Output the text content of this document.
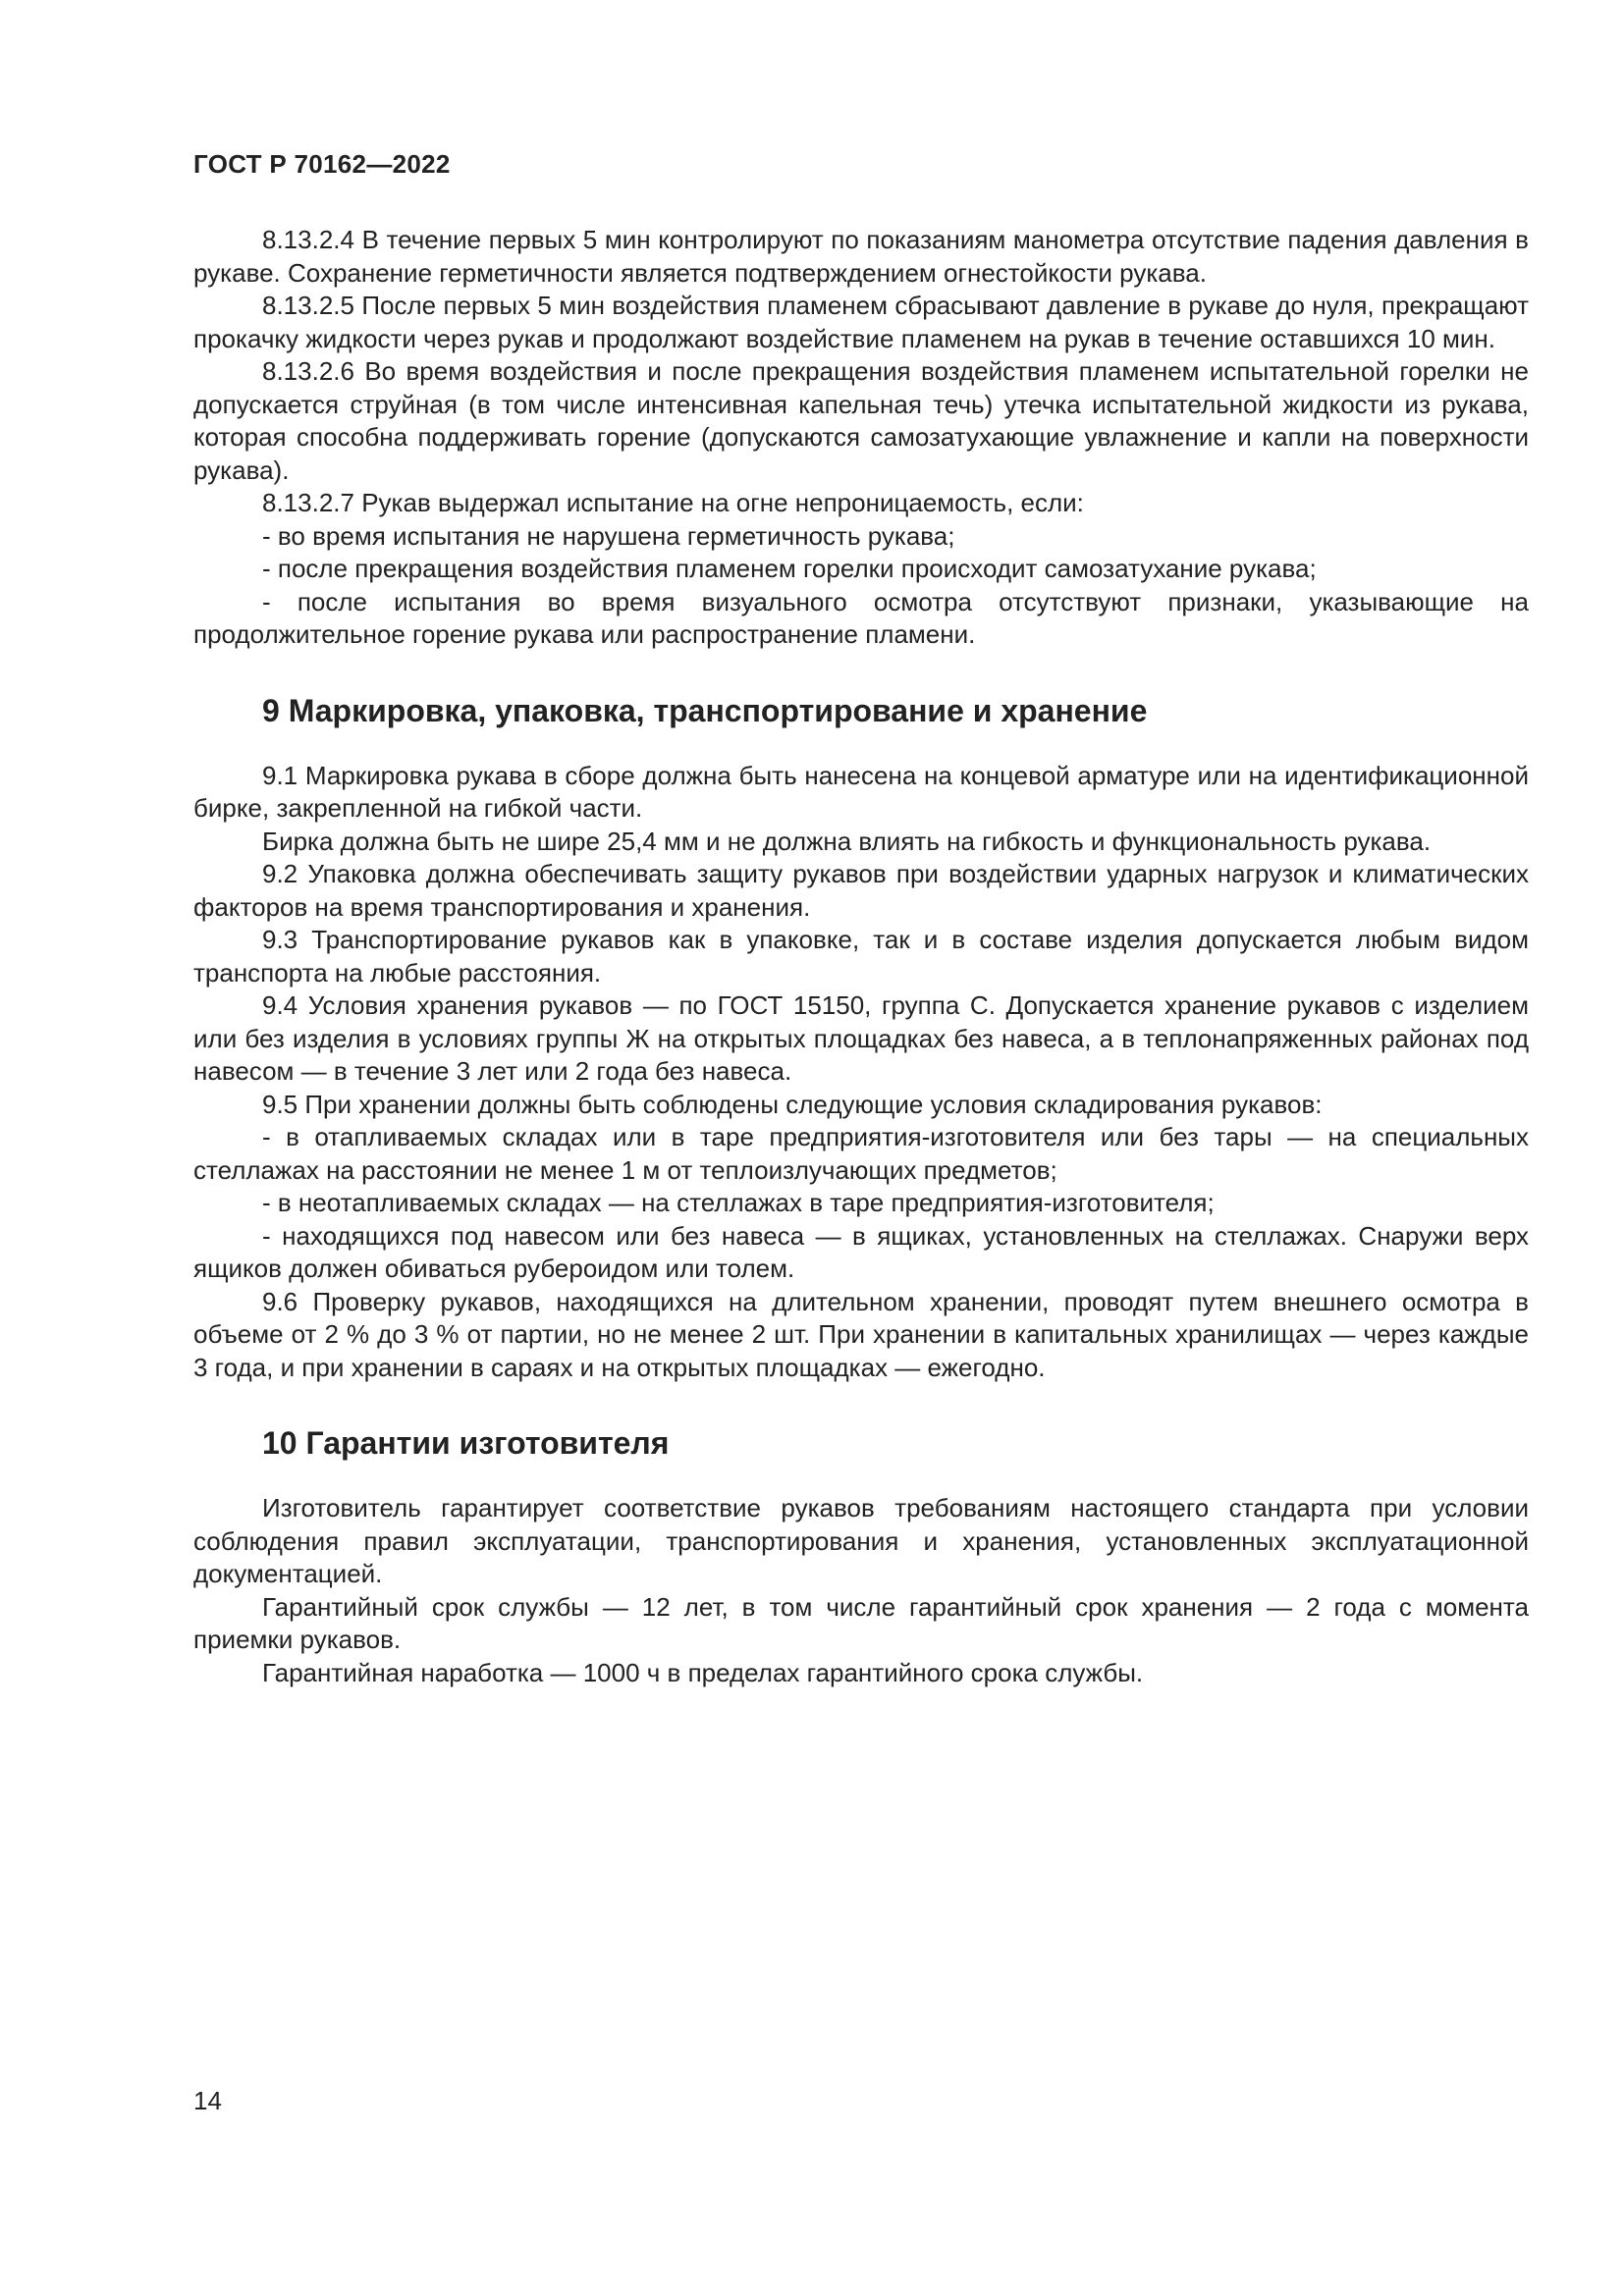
ГОСТ Р 70162—2022

8.13.2.4 В течение первых 5 мин контролируют по показаниям манометра отсутствие падения давления в рукаве. Сохранение герметичности является подтверждением огнестойкости рукава.

8.13.2.5 После первых 5 мин воздействия пламенем сбрасывают давление в рукаве до нуля, прекращают прокачку жидкости через рукав и продолжают воздействие пламенем на рукав в течение оставшихся 10 мин.

8.13.2.6 Во время воздействия и после прекращения воздействия пламенем испытательной горелки не допускается струйная (в том числе интенсивная капельная течь) утечка испытательной жидкости из рукава, которая способна поддерживать горение (допускаются самозатухающие увлажнение и капли на поверхности рукава).

8.13.2.7 Рукав выдержал испытание на огне непроницаемость, если:

- во время испытания не нарушена герметичность рукава;

- после прекращения воздействия пламенем горелки происходит самозатухание рукава;

- после испытания во время визуального осмотра отсутствуют признаки, указывающие на продолжительное горение рукава или распространение пламени.

9 Маркировка, упаковка, транспортирование и хранение

9.1 Маркировка рукава в сборе должна быть нанесена на концевой арматуре или на идентификационной бирке, закрепленной на гибкой части.

Бирка должна быть не шире 25,4 мм и не должна влиять на гибкость и функциональность рукава.

9.2 Упаковка должна обеспечивать защиту рукавов при воздействии ударных нагрузок и климатических факторов на время транспортирования и хранения.

9.3 Транспортирование рукавов как в упаковке, так и в составе изделия допускается любым видом транспорта на любые расстояния.

9.4 Условия хранения рукавов — по ГОСТ 15150, группа С. Допускается хранение рукавов с изделием или без изделия в условиях группы Ж на открытых площадках без навеса, а в теплонапряженных районах под навесом — в течение 3 лет или 2 года без навеса.

9.5 При хранении должны быть соблюдены следующие условия складирования рукавов:

- в отапливаемых складах или в таре предприятия-изготовителя или без тары — на специальных стеллажах на расстоянии не менее 1 м от теплоизлучающих предметов;

- в неотапливаемых складах — на стеллажах в таре предприятия-изготовителя;

- находящихся под навесом или без навеса — в ящиках, установленных на стеллажах. Снаружи верх ящиков должен обиваться рубероидом или толем.

9.6 Проверку рукавов, находящихся на длительном хранении, проводят путем внешнего осмотра в объеме от 2 % до 3 % от партии, но не менее 2 шт. При хранении в капитальных хранилищах — через каждые 3 года, и при хранении в сараях и на открытых площадках — ежегодно.

10 Гарантии изготовителя

Изготовитель гарантирует соответствие рукавов требованиям настоящего стандарта при условии соблюдения правил эксплуатации, транспортирования и хранения, установленных эксплуатационной документацией.

Гарантийный срок службы — 12 лет, в том числе гарантийный срок хранения — 2 года с момента приемки рукавов.

Гарантийная наработка — 1000 ч в пределах гарантийного срока службы.

14
